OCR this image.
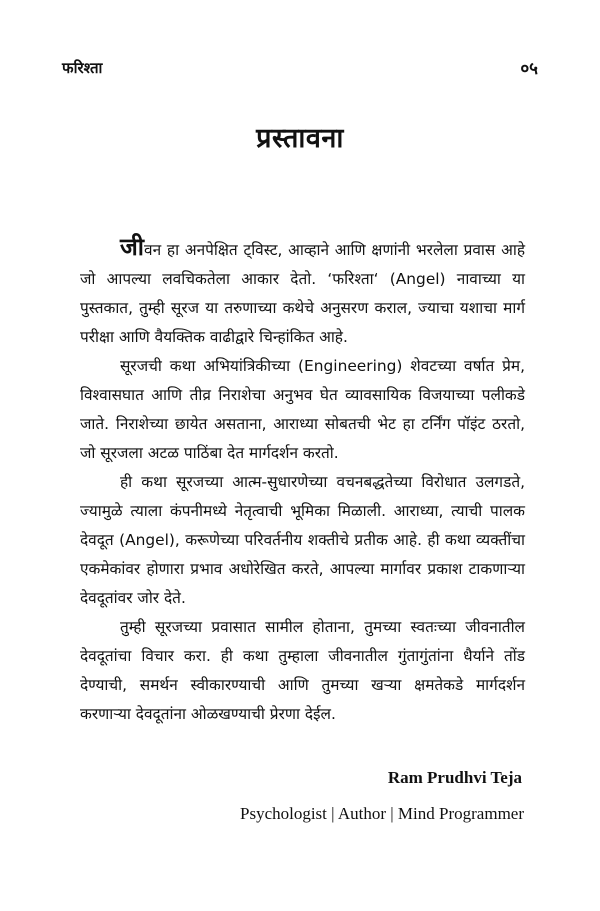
फरिश्ता	०५
प्रस्तावना

जीवन हा अनपेक्षित ट्विस्ट, आव्हाने आणि क्षणांनी भरलेला प्रवास आहे जो आपल्या लवचिकतेला आकार देतो. ‘फरिश्ता‘ (Angel) नावाच्या या पुस्तकात, तुम्ही सूरज या तरुणाच्या कथेचे अनुसरण कराल, ज्याचा यशाचा मार्ग परीक्षा आणि वैयक्तिक वाढीद्वारे चिन्हांकित आहे.

सूरजची कथा अभियांत्रिकीच्या (Engineering) शेवटच्या वर्षात प्रेम, विश्वासघात आणि तीव्र निराशेचा अनुभव घेत व्यावसायिक विजयाच्या पलीकडे जाते. निराशेच्या छायेत असताना, आराध्या सोबतची भेट हा टर्निंग पॉइंट ठरतो, जो सूरजला अटळ पाठिंबा देत मार्गदर्शन करतो.

ही कथा सूरजच्या आत्म-सुधारणेच्या वचनबद्धतेच्या विरोधात उलगडते, ज्यामुळे त्याला कंपनीमध्ये नेतृत्वाची भूमिका मिळाली. आराध्या, त्याची पालक देवदूत (Angel), करूणेच्या परिवर्तनीय शक्तीचे प्रतीक आहे. ही कथा व्यक्तींचा एकमेकांवर होणारा प्रभाव अधोरेखित करते, आपल्या मार्गावर प्रकाश टाकणाऱ्या देवदूतांवर जोर देते.

तुम्ही सूरजच्या प्रवासात सामील होताना, तुमच्या स्वतःच्या जीवनातील देवदूतांचा विचार करा. ही कथा तुम्हाला जीवनातील गुंतागुंतांना धैर्याने तोंड देण्याची, समर्थन स्वीकारण्याची आणि तुमच्या खऱ्या क्षमतेकडे मार्गदर्शन करणाऱ्या देवदूतांना ओळखण्याची प्रेरणा देईल.

Ram Prudhvi Teja
Psychologist | Author | Mind Programmer
